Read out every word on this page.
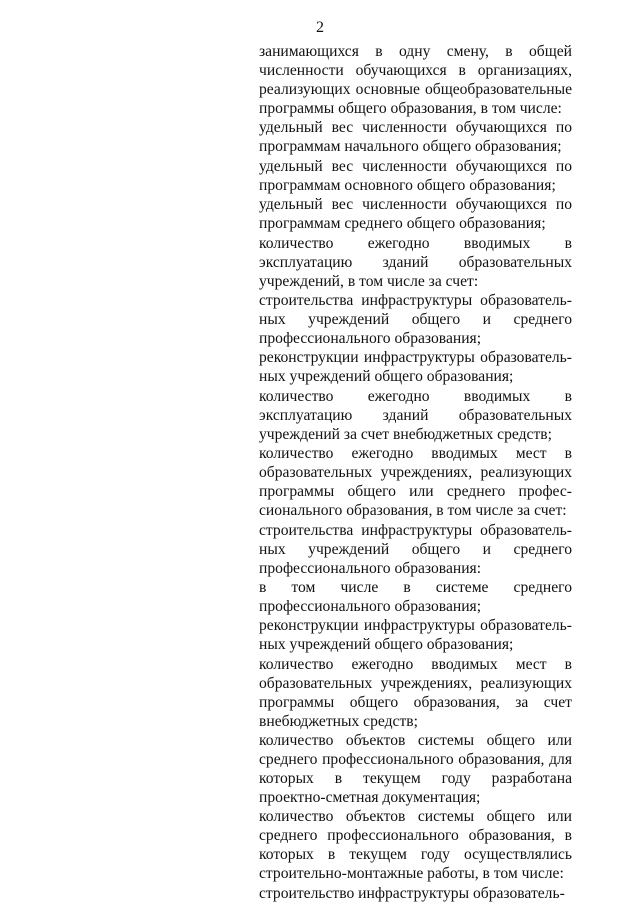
2

занимающихся в одну смену, в общей численности обучающихся в организациях, реализующих основные общеобразовательные программы общего образования, в том числе:

удельный вес численности обучающихся по программам начального общего образования;

удельный вес численности обучающихся по программам основного общего образования;

удельный вес численности обучающихся по программам среднего общего образования;

количество ежегодно вводимых в эксплуатацию зданий образовательных учреждений, в том числе за счет:

строительства инфраструктуры образовательных учреждений общего и среднего профессионального образования;

реконструкции инфраструктуры образовательных учреждений общего образования;

количество ежегодно вводимых в эксплуатацию зданий образовательных учреждений за счет внебюджетных средств;

количество ежегодно вводимых мест в образовательных учреждениях, реализующих программы общего или среднего профессионального образования, в том числе за счет:

строительства инфраструктуры образовательных учреждений общего и среднего профессионального образования:

в том числе в системе среднего профессионального образования;

реконструкции инфраструктуры образовательных учреждений общего образования;

количество ежегодно вводимых мест в образовательных учреждениях, реализующих программы общего образования, за счет внебюджетных средств;

количество объектов системы общего или среднего профессионального образования, для которых в текущем году разработана проектно-сметная документация;

количество объектов системы общего или среднего профессионального образования, в которых в текущем году осуществлялись строительно-монтажные работы, в том числе:

строительство инфраструктуры образователь-
